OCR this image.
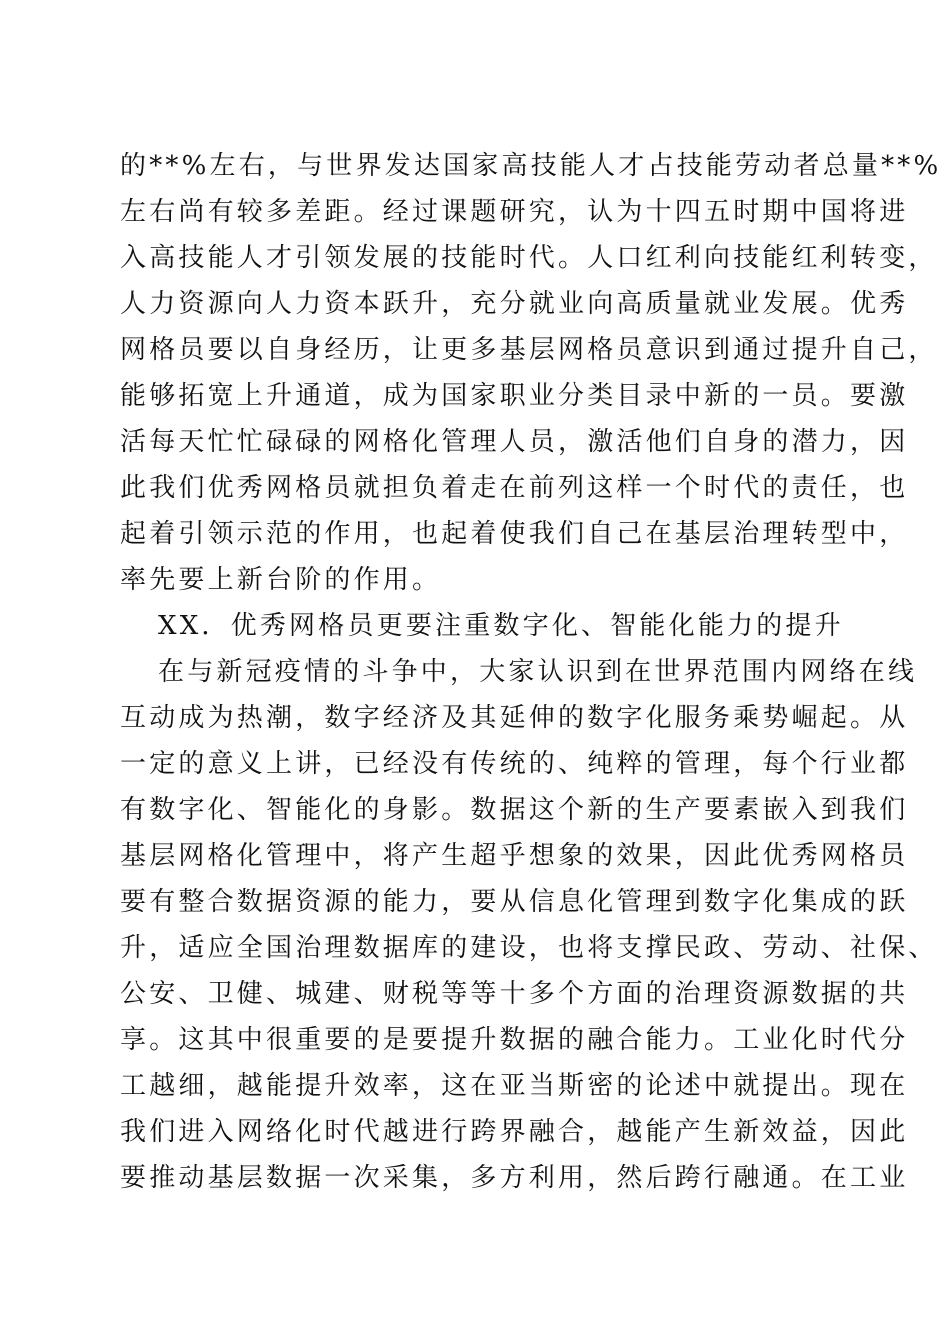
的**%左右，与世界发达国家高技能人才占技能劳动者总量**%
左右尚有较多差距。经过课题研究，认为十四五时期中国将进
入高技能人才引领发展的技能时代。人口红利向技能红利转变，
人力资源向人力资本跃升，充分就业向高质量就业发展。优秀
网格员要以自身经历，让更多基层网格员意识到通过提升自己，
能够拓宽上升通道，成为国家职业分类目录中新的一员。要激
活每天忙忙碌碌的网格化管理人员，激活他们自身的潜力，因
此我们优秀网格员就担负着走在前列这样一个时代的责任，也
起着引领示范的作用，也起着使我们自己在基层治理转型中，
率先要上新台阶的作用。
XX．优秀网格员更要注重数字化、智能化能力的提升
在与新冠疫情的斗争中，大家认识到在世界范围内网络在线
互动成为热潮，数字经济及其延伸的数字化服务乘势崛起。从
一定的意义上讲，已经没有传统的、纯粹的管理，每个行业都
有数字化、智能化的身影。数据这个新的生产要素嵌入到我们
基层网格化管理中，将产生超乎想象的效果，因此优秀网格员
要有整合数据资源的能力，要从信息化管理到数字化集成的跃
升，适应全国治理数据库的建设，也将支撑民政、劳动、社保、
公安、卫健、城建、财税等等十多个方面的治理资源数据的共
享。这其中很重要的是要提升数据的融合能力。工业化时代分
工越细，越能提升效率，这在亚当斯密的论述中就提出。现在
我们进入网络化时代越进行跨界融合，越能产生新效益，因此
要推动基层数据一次采集，多方利用，然后跨行融通。在工业
